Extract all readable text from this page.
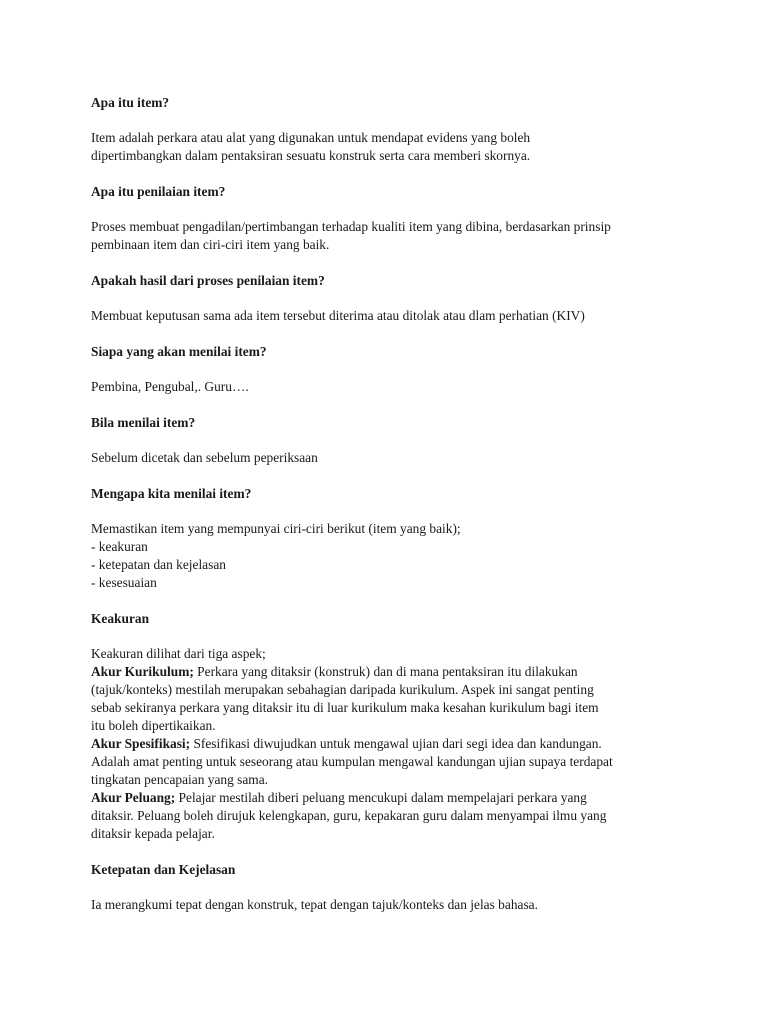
Apa itu item?

Item adalah perkara atau alat yang digunakan untuk mendapat evidens yang boleh
dipertimbangkan dalam pentaksiran sesuatu konstruk serta cara memberi skornya.

Apa itu penilaian item?

Proses membuat pengadilan/pertimbangan terhadap kualiti item yang dibina, berdasarkan prinsip
pembinaan item dan ciri-ciri item yang baik.

Apakah hasil dari proses penilaian item?

Membuat keputusan sama ada item tersebut diterima atau ditolak atau dlam perhatian (KIV)

Siapa yang akan menilai item?

Pembina, Pengubal,. Guru….

Bila menilai item?

Sebelum dicetak dan sebelum peperiksaan

Mengapa kita menilai item?

Memastikan item yang mempunyai ciri-ciri berikut (item yang baik);
- keakuran
- ketepatan dan kejelasan
- kesesuaian

Keakuran

Keakuran dilihat dari tiga aspek;
Akur Kurikulum; Perkara yang ditaksir (konstruk) dan di mana pentaksiran itu dilakukan
(tajuk/konteks) mestilah merupakan sebahagian daripada kurikulum. Aspek ini sangat penting
sebab sekiranya perkara yang ditaksir itu di luar kurikulum maka kesahan kurikulum bagi item
itu boleh dipertikaikan.
Akur Spesifikasi; Sfesifikasi diwujudkan untuk mengawal ujian dari segi idea dan kandungan.
Adalah amat penting untuk seseorang atau kumpulan mengawal kandungan ujian supaya terdapat
tingkatan pencapaian yang sama.
Akur Peluang; Pelajar mestilah diberi peluang mencukupi dalam mempelajari perkara yang
ditaksir. Peluang boleh dirujuk kelengkapan, guru, kepakaran guru dalam menyampai ilmu yang
ditaksir kepada pelajar.

Ketepatan dan Kejelasan

Ia merangkumi tepat dengan konstruk, tepat dengan tajuk/konteks dan jelas bahasa.
